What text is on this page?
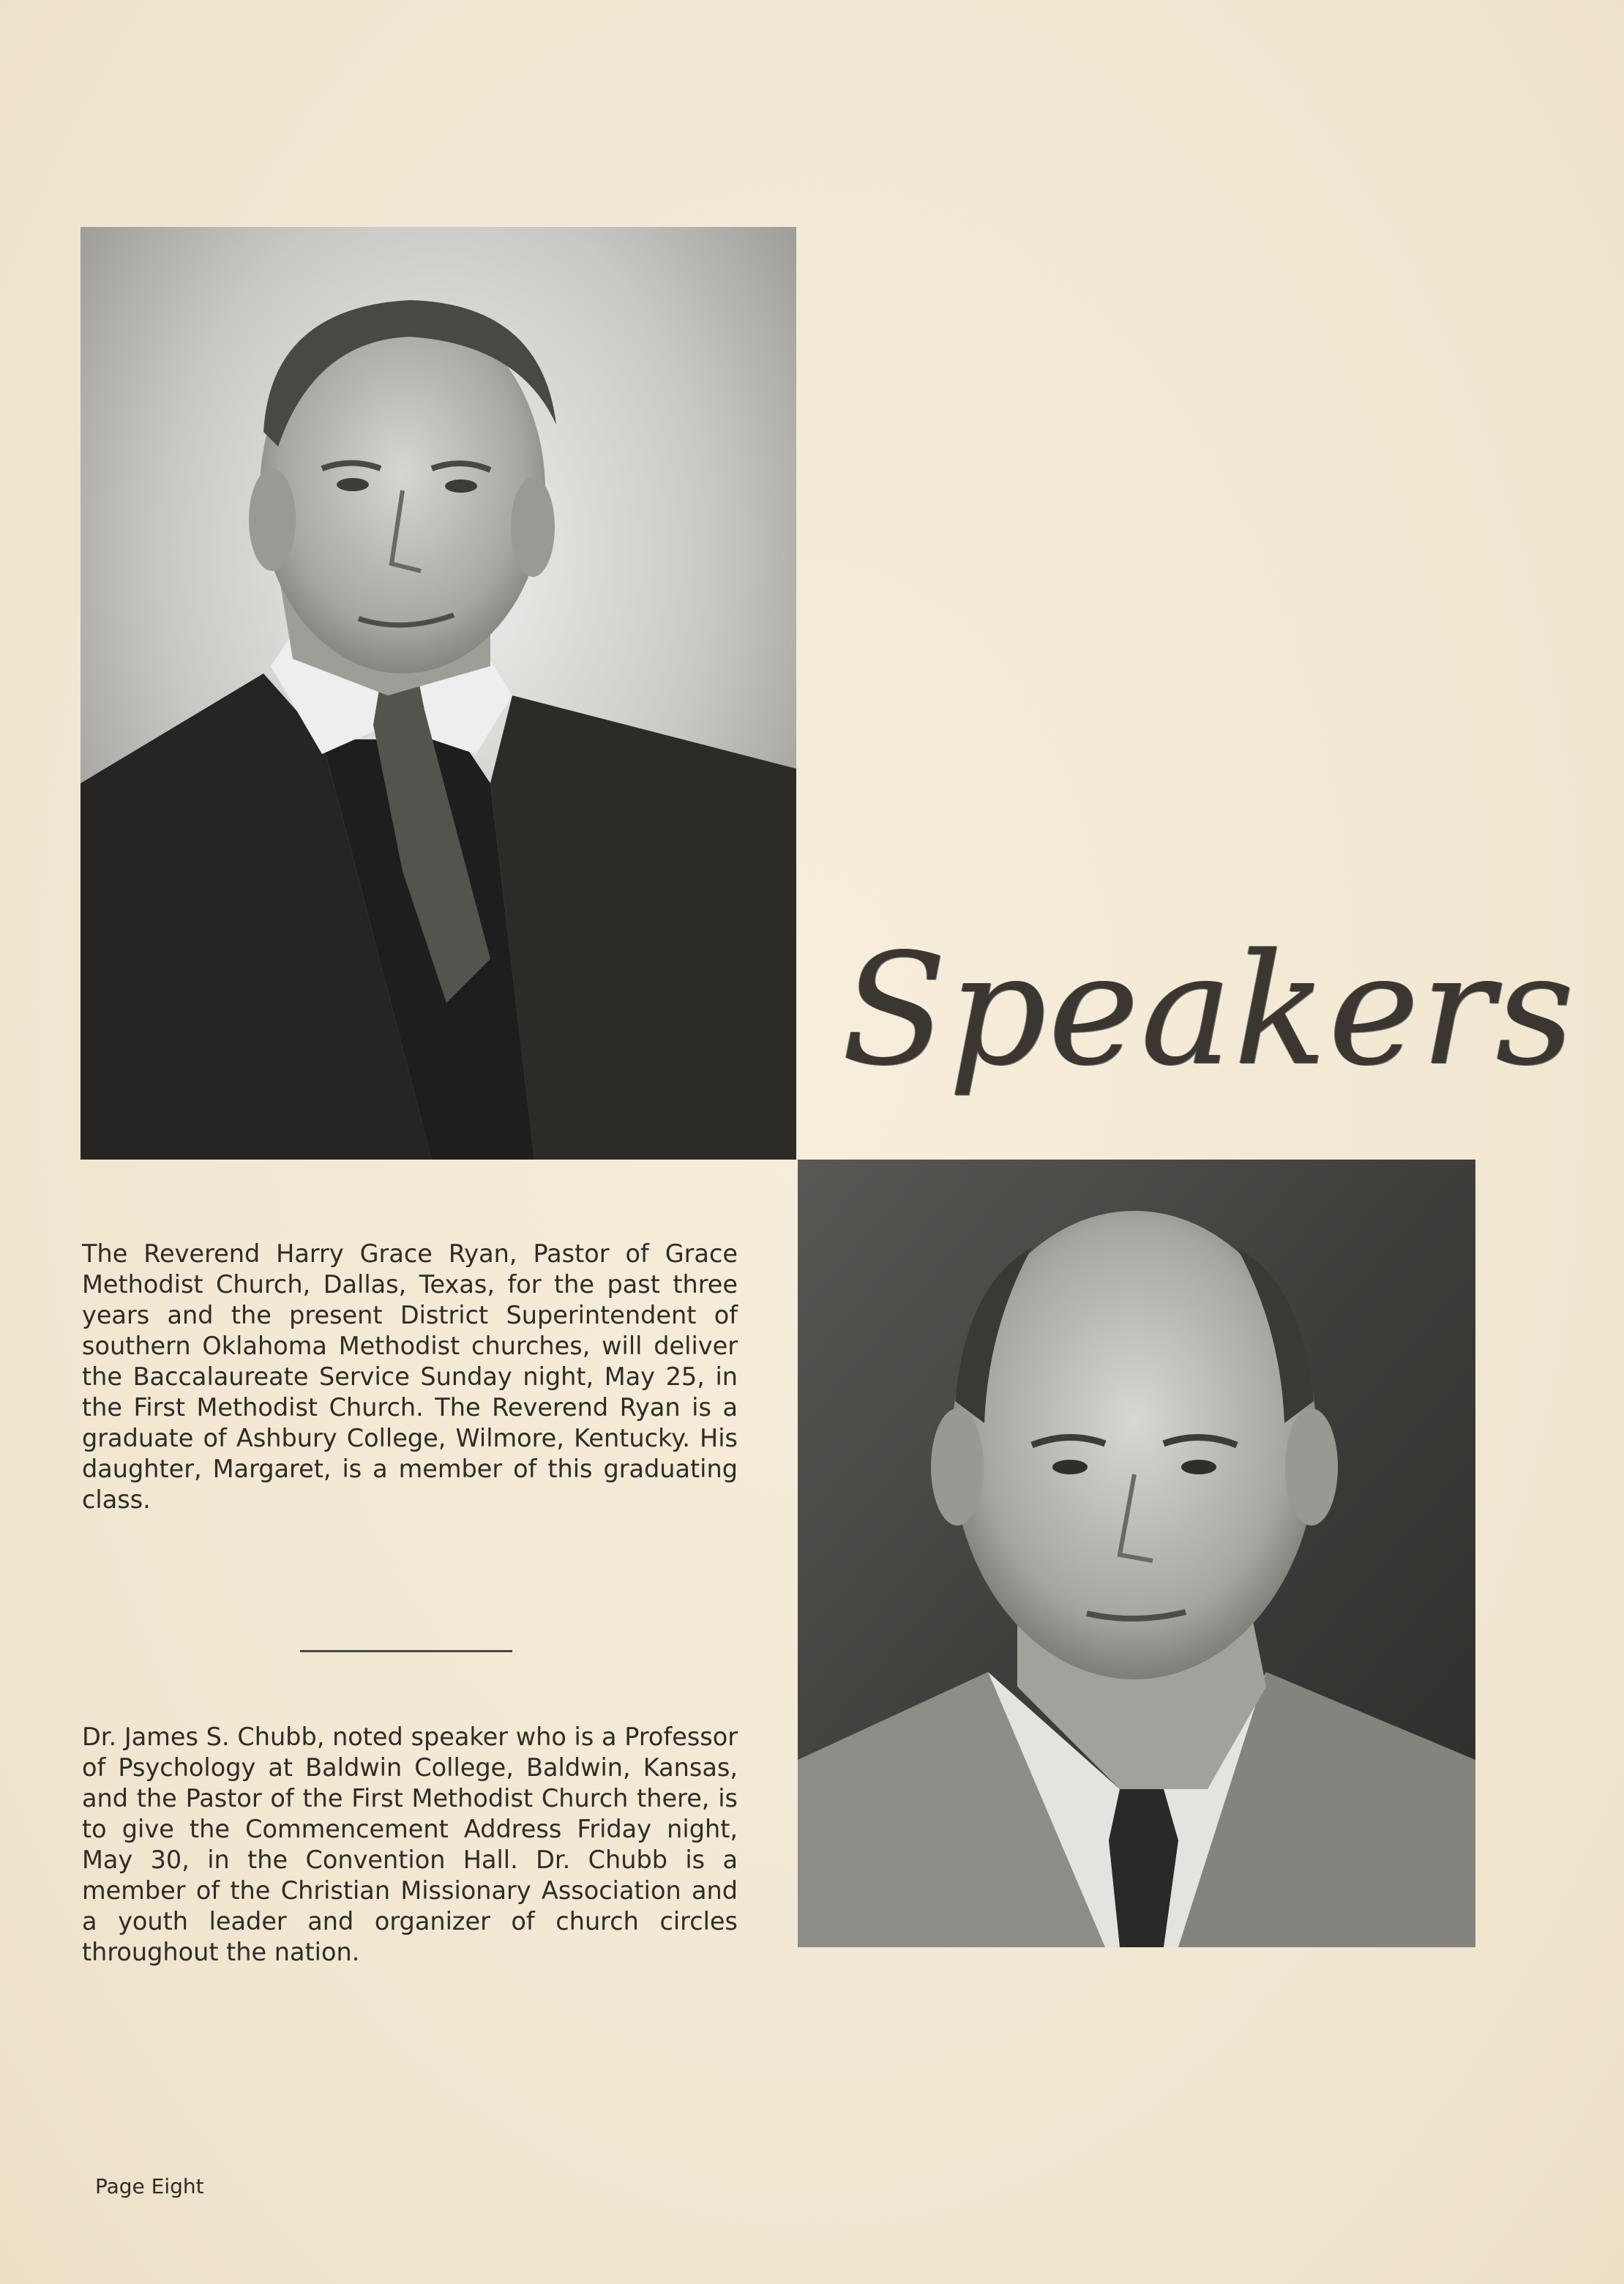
Speakers

The Reverend Harry Grace Ryan, Pastor of Grace Methodist Church, Dallas, Texas, for the past three years and the present District Superintendent of southern Oklahoma Methodist churches, will deliver the Baccalaureate Service Sunday night, May 25, in the First Methodist Church. The Reverend Ryan is a graduate of Ashbury College, Wilmore, Kentucky. His daughter, Margaret, is a member of this graduating class.

Dr. James S. Chubb, noted speaker who is a Professor of Psychology at Baldwin College, Baldwin, Kansas, and the Pastor of the First Methodist Church there, is to give the Commencement Address Friday night, May 30, in the Convention Hall. Dr. Chubb is a member of the Christian Missionary Association and a youth leader and organizer of church circles throughout the nation.

Page Eight
